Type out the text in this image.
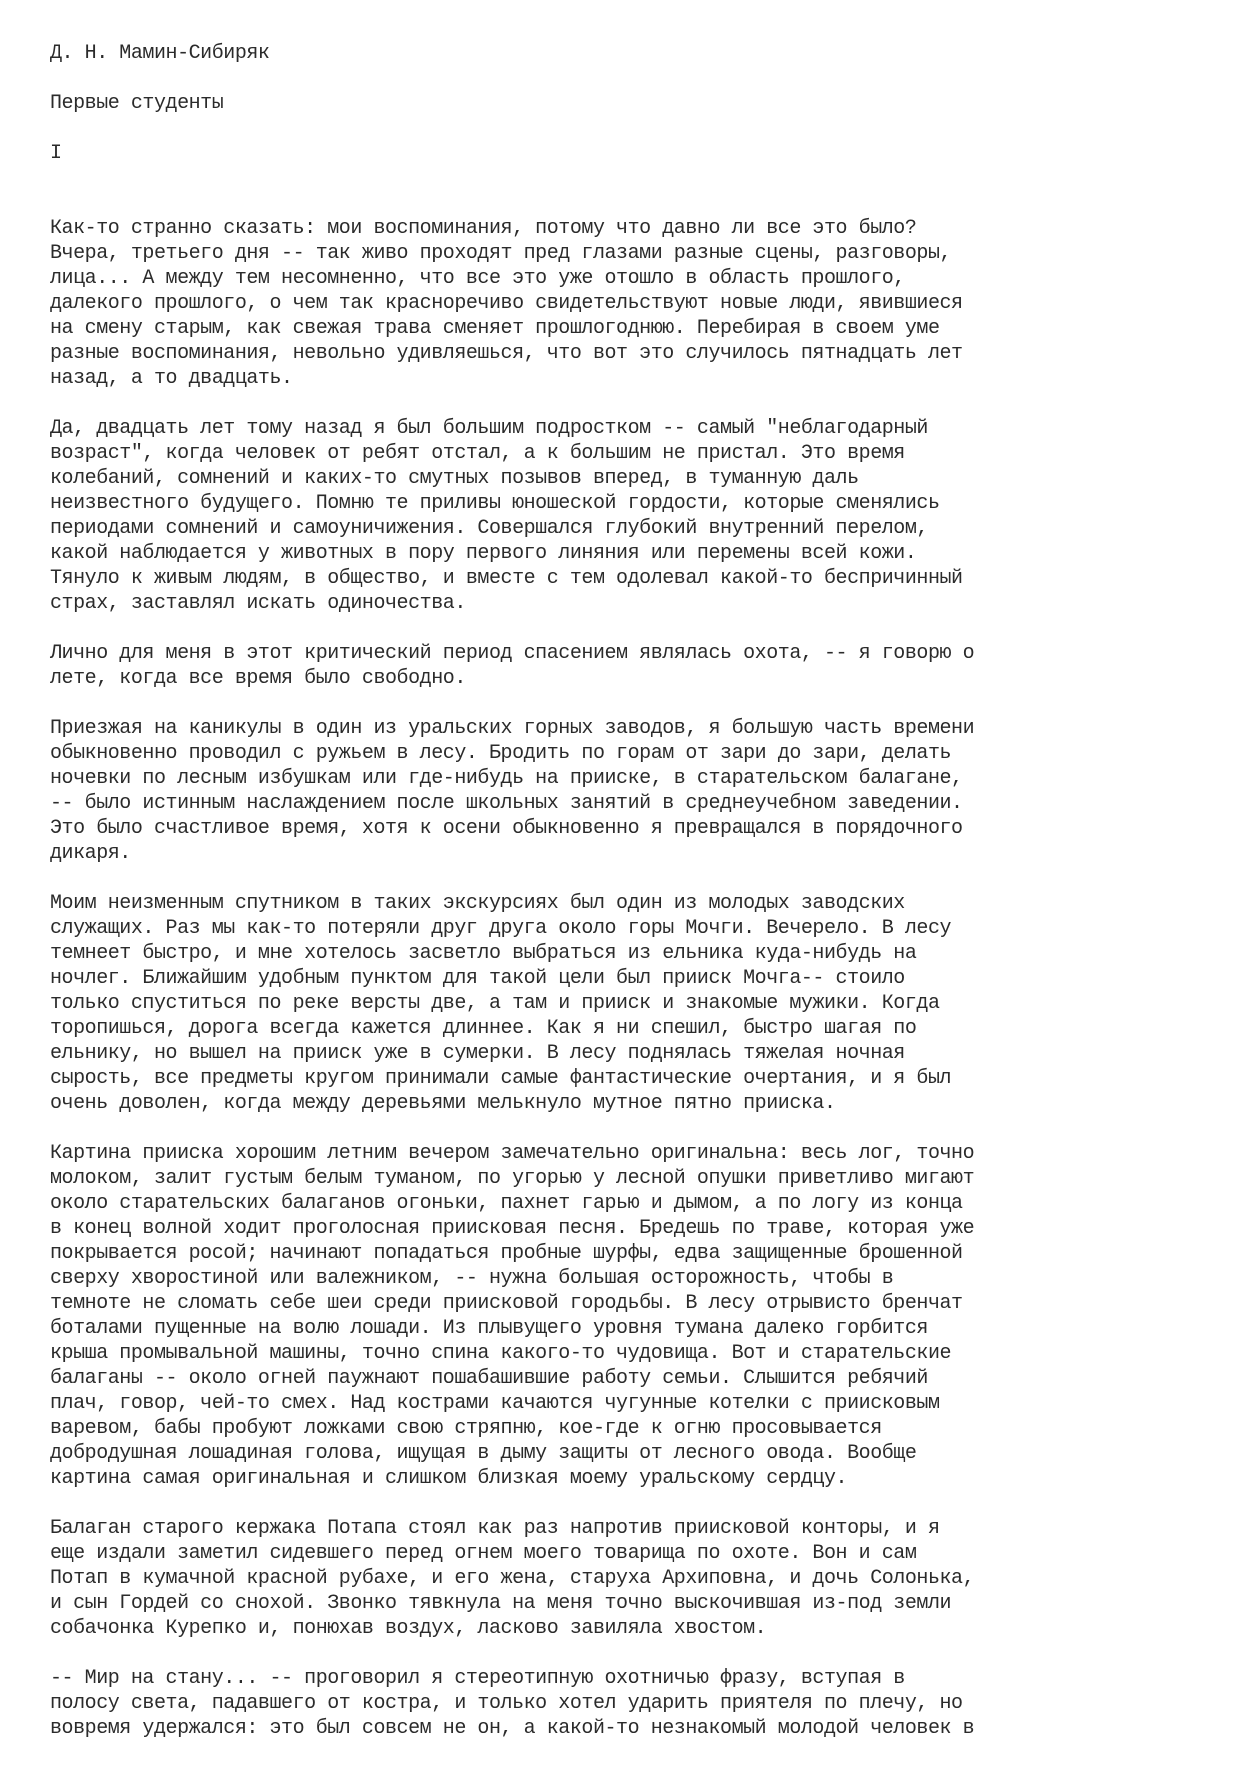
Д. Н. Мамин-Сибиряк
Первые студенты
I
Как-то странно сказать: мои воспоминания, потому что давно ли все это было?
Вчера, третьего дня -- так живо проходят пред глазами разные сцены, разговоры,
лица... А между тем несомненно, что все это уже отошло в область прошлого,
далекого прошлого, о чем так красноречиво свидетельствуют новые люди, явившиеся
на смену старым, как свежая трава сменяет прошлогоднюю. Перебирая в своем уме
разные воспоминания, невольно удивляешься, что вот это случилось пятнадцать лет
назад, а то двадцать.
Да, двадцать лет тому назад я был большим подростком -- самый "неблагодарный
возраст", когда человек от ребят отстал, а к большим не пристал. Это время
колебаний, сомнений и каких-то смутных позывов вперед, в туманную даль
неизвестного будущего. Помню те приливы юношеской гордости, которые сменялись
периодами сомнений и самоуничижения. Совершался глубокий внутренний перелом,
какой наблюдается у животных в пору первого линяния или перемены всей кожи.
Тянуло к живым людям, в общество, и вместе с тем одолевал какой-то беспричинный
страх, заставлял искать одиночества.
Лично для меня в этот критический период спасением являлась охота, -- я говорю о
лете, когда все время было свободно.
Приезжая на каникулы в один из уральских горных заводов, я большую часть времени
обыкновенно проводил с ружьем в лесу. Бродить по горам от зари до зари, делать
ночевки по лесным избушкам или где-нибудь на прииске, в старательском балагане,
-- было истинным наслаждением после школьных занятий в среднеучебном заведении.
Это было счастливое время, хотя к осени обыкновенно я превращался в порядочного
дикаря.
Моим неизменным спутником в таких экскурсиях был один из молодых заводских
служащих. Раз мы как-то потеряли друг друга около горы Мочги. Вечерело. В лесу
темнеет быстро, и мне хотелось засветло выбраться из ельника куда-нибудь на
ночлег. Ближайшим удобным пунктом для такой цели был прииск Мочга-- стоило
только спуститься по реке версты две, а там и прииск и знакомые мужики. Когда
торопишься, дорога всегда кажется длиннее. Как я ни спешил, быстро шагая по
ельнику, но вышел на прииск уже в сумерки. В лесу поднялась тяжелая ночная
сырость, все предметы кругом принимали самые фантастические очертания, и я был
очень доволен, когда между деревьями мелькнуло мутное пятно прииска.
Картина прииска хорошим летним вечером замечательно оригинальна: весь лог, точно
молоком, залит густым белым туманом, по угорью у лесной опушки приветливо мигают
около старательских балаганов огоньки, пахнет гарью и дымом, а по логу из конца
в конец волной ходит проголосная приисковая песня. Бредешь по траве, которая уже
покрывается росой; начинают попадаться пробные шурфы, едва защищенные брошенной
сверху хворостиной или валежником, -- нужна большая осторожность, чтобы в
темноте не сломать себе шеи среди приисковой городьбы. В лесу отрывисто бренчат
боталами пущенные на волю лошади. Из плывущего уровня тумана далеко горбится
крыша промывальной машины, точно спина какого-то чудовища. Вот и старательские
балаганы -- около огней паужнают пошабашившие работу семьи. Слышится ребячий
плач, говор, чей-то смех. Над кострами качаются чугунные котелки с приисковым
варевом, бабы пробуют ложками свою стряпню, кое-где к огню просовывается
добродушная лошадиная голова, ищущая в дыму защиты от лесного овода. Вообще
картина самая оригинальная и слишком близкая моему уральскому сердцу.
Балаган старого кержака Потапа стоял как раз напротив приисковой конторы, и я
еще издали заметил сидевшего перед огнем моего товарища по охоте. Вон и сам
Потап в кумачной красной рубахе, и его жена, старуха Архиповна, и дочь Солонька,
и сын Гордей со снохой. Звонко тявкнула на меня точно выскочившая из-под земли
собачонка Курепко и, понюхав воздух, ласково завиляла хвостом.
-- Мир на стану... -- проговорил я стереотипную охотничью фразу, вступая в
полосу света, падавшего от костра, и только хотел ударить приятеля по плечу, но
вовремя удержался: это был совсем не он, а какой-то незнакомый молодой человек в
